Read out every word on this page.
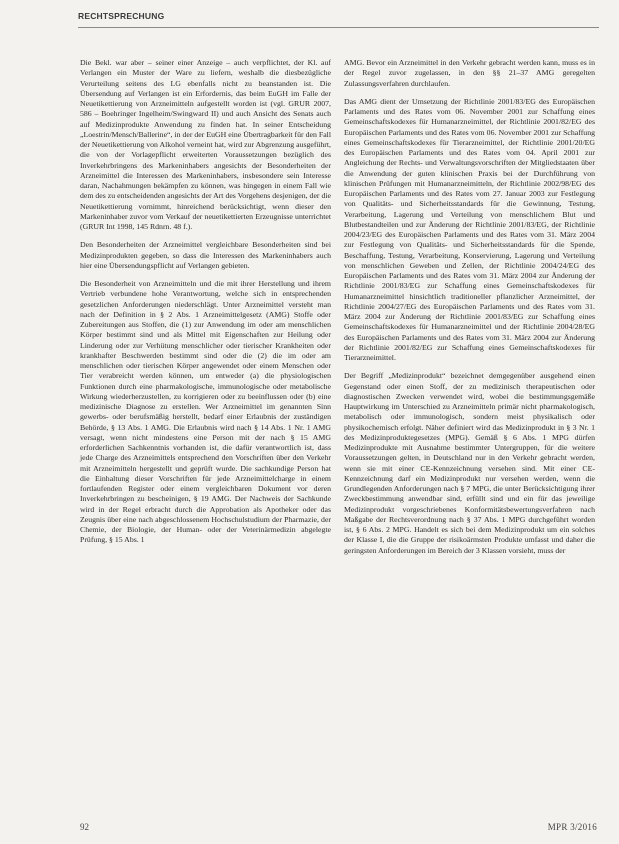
RECHTSPRECHUNG

Die Bekl. war aber – seiner einer Anzeige – auch verpflichtet, der Kl. auf Verlangen ein Muster der Ware zu liefern, weshalb die diesbezügliche Verurteilung seitens des LG ebenfalls nicht zu beanstanden ist. Die Übersendung auf Verlangen ist ein Erfordernis, das beim EuGH im Falle der Neuetikettierung von Arzneimitteln aufgestellt worden ist (vgl. GRUR 2007, 586 – Boehringer Ingelheim/Swingward II) und auch Ansicht des Senats auch auf Medizinprodukte Anwendung zu finden hat. In seiner Entscheidung „Loestrin/Mensch/Ballerine“, in der der EuGH eine Übertragbarkeit für den Fall der Neuetikettierung von Alkohol verneint hat, wird zur Abgrenzung ausgeführt, die von der Vorlagepflicht erweiterten Voraussetzungen bezüglich des Inverkehrbringens des Markeninhabers angesichts der Besonderheiten der Arzneimittel die Interessen des Markeninhabers, insbesondere sein Interesse daran, Nachahmungen bekämpfen zu können, was hingegen in einem Fall wie dem des zu entscheidenden angesichts der Art des Vorgehens desjenigen, der die Neuetikettierung vornimmt, hinreichend berücksichtigt, wenn dieser den Markeninhaber zuvor vom Verkauf der neuetikettierten Erzeugnisse unterrichtet (GRUR Int 1998, 145 Rdnrn. 48 f.).

Den Besonderheiten der Arzneimittel vergleichbare Besonderheiten sind bei Medizinprodukten gegeben, so dass die Interessen des Markeninhabers auch hier eine Übersendungspflicht auf Verlangen gebieten.

Die Besonderheit von Arzneimitteln und die mit ihrer Herstellung und ihrem Vertrieb verbundene hohe Verantwortung, welche sich in entsprechenden gesetzlichen Anforderungen niederschlägt. Unter Arzneimittel versteht man nach der Definition in § 2 Abs. 1 Arzneimittelgesetz (AMG) Stoffe oder Zubereitungen aus Stoffen, die (1) zur Anwendung im oder am menschlichen Körper bestimmt sind und als Mittel mit Eigenschaften zur Heilung oder Linderung oder zur Verhütung menschlicher oder tierischer Krankheiten oder krankhafter Beschwerden bestimmt sind oder die (2) die im oder am menschlichen oder tierischen Körper angewendet oder einem Menschen oder Tier verabreicht werden können, um entweder (a) die physiologischen Funktionen durch eine pharmakologische, immunologische oder metabolische Wirkung wiederherzustellen, zu korrigieren oder zu beeinflussen oder (b) eine medizinische Diagnose zu erstellen. Wer Arzneimittel im genannten Sinn gewerbs- oder berufsmäßig herstellt, bedarf einer Erlaubnis der zuständigen Behörde, § 13 Abs. 1 AMG. Die Erlaubnis wird nach § 14 Abs. 1 Nr. 1 AMG versagt, wenn nicht mindestens eine Person mit der nach § 15 AMG erforderlichen Sachkenntnis vorhanden ist, die dafür verantwortlich ist, dass jede Charge des Arzneimittels entsprechend den Vorschriften über den Verkehr mit Arzneimitteln hergestellt und geprüft wurde. Die sachkundige Person hat die Einhaltung dieser Vorschriften für jede Arzneimittelcharge in einem fortlaufenden Register oder einem vergleichbaren Dokument vor deren Inverkehrbringen zu bescheinigen, § 19 AMG. Der Nachweis der Sachkunde wird in der Regel erbracht durch die Approbation als Apotheker oder das Zeugnis über eine nach abgeschlossenem Hochschulstudium der Pharmazie, der Chemie, der Biologie, der Human- oder der Veterinärmedizin abgelegte Prüfung, § 15 Abs. 1

AMG. Bevor ein Arzneimittel in den Verkehr gebracht werden kann, muss es in der Regel zuvor zugelassen, in den §§ 21–37 AMG geregelten Zulassungsverfahren durchlaufen.

Das AMG dient der Umsetzung der Richtlinie 2001/83/EG des Europäischen Parlaments und des Rates vom 06. November 2001 zur Schaffung eines Gemeinschaftskodexes für Humanarzneimittel, der Richtlinie 2001/82/EG des Europäischen Parlaments und des Rates vom 06. November 2001 zur Schaffung eines Gemeinschaftskodexes für Tierarzneimittel, der Richtlinie 2001/20/EG des Europäischen Parlaments und des Rates vom 04. April 2001 zur Angleichung der Rechts- und Verwaltungsvorschriften der Mitgliedstaaten über die Anwendung der guten klinischen Praxis bei der Durchführung von klinischen Prüfungen mit Humanarzneimitteln, der Richtlinie 2002/98/EG des Europäischen Parlaments und des Rates vom 27. Januar 2003 zur Festlegung von Qualitäts- und Sicherheitsstandards für die Gewinnung, Testung, Verarbeitung, Lagerung und Verteilung von menschlichem Blut und Blutbestandteilen und zur Änderung der Richtlinie 2001/83/EG, der Richtlinie 2004/23/EG des Europäischen Parlaments und des Rates vom 31. März 2004 zur Festlegung von Qualitäts- und Sicherheitsstandards für die Spende, Beschaffung, Testung, Verarbeitung, Konservierung, Lagerung und Verteilung von menschlichen Geweben und Zellen, der Richtlinie 2004/24/EG des Europäischen Parlaments und des Rates vom 31. März 2004 zur Änderung der Richtlinie 2001/83/EG zur Schaffung eines Gemeinschaftskodexes für Humanarzneimittel hinsichtlich traditioneller pflanzlicher Arzneimittel, der Richtlinie 2004/27/EG des Europäischen Parlaments und des Rates vom 31. März 2004 zur Änderung der Richtlinie 2001/83/EG zur Schaffung eines Gemeinschaftskodexes für Humanarzneimittel und der Richtlinie 2004/28/EG des Europäischen Parlaments und des Rates vom 31. März 2004 zur Änderung der Richtlinie 2001/82/EG zur Schaffung eines Gemeinschaftskodexes für Tierarzneimittel.

Der Begriff „Medizinprodukt“ bezeichnet demgegenüber ausgehend einen Gegenstand oder einen Stoff, der zu medizinisch therapeutischen oder diagnostischen Zwecken verwendet wird, wobei die bestimmungsgemäße Hauptwirkung im Unterschied zu Arzneimitteln primär nicht pharmakologisch, metabolisch oder immunologisch, sondern meist physikalisch oder physikochemisch erfolgt. Näher definiert wird das Medizinprodukt in § 3 Nr. 1 des Medizinproduktegesetzes (MPG). Gemäß § 6 Abs. 1 MPG dürfen Medizinprodukte mit Ausnahme bestimmter Untergruppen, für die weitere Voraussetzungen gelten, in Deutschland nur in den Verkehr gebracht werden, wenn sie mit einer CE-Kennzeichnung versehen sind. Mit einer CE-Kennzeichnung darf ein Medizinprodukt nur versehen werden, wenn die Grundlegenden Anforderungen nach § 7 MPG, die unter Berücksichtigung ihrer Zweckbestimmung anwendbar sind, erfüllt sind und ein für das jeweilige Medizinprodukt vorgeschriebenes Konformitätsbewertungsverfahren nach Maßgabe der Rechtsverordnung nach § 37 Abs. 1 MPG durchgeführt worden ist, § 6 Abs. 2 MPG. Handelt es sich bei dem Medizinprodukt um ein solches der Klasse I, die die Gruppe der risikoärmsten Produkte umfasst und daher die geringsten Anforderungen im Bereich der 3 Klassen vorsieht, muss der

92	MPR 3/2016
